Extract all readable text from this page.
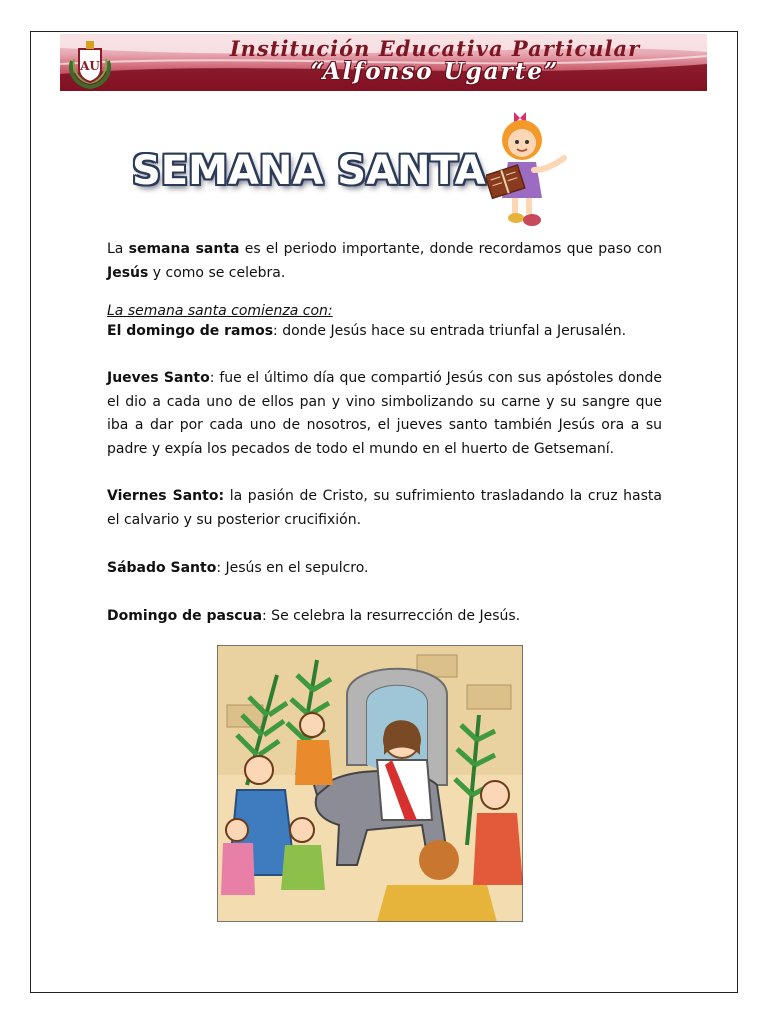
AU
Institución Educativa Particular
“Alfonso Ugarte”
SEMANA SANTA
La semana santa es el periodo importante, donde recordamos que paso con Jesús y como se celebra.
La semana santa comienza con:
El domingo de ramos: donde Jesús hace su entrada triunfal a Jerusalén.
Jueves Santo: fue el último día que compartió Jesús con sus apóstoles donde el dio a cada uno de ellos pan y vino simbolizando su carne y su sangre que iba a dar por cada uno de nosotros, el jueves santo también Jesús ora a su padre y expía los pecados de todo el mundo en el huerto de Getsemaní.
Viernes Santo: la pasión de Cristo, su sufrimiento trasladando la cruz hasta el calvario y su posterior crucifixión.
Sábado Santo: Jesús en el sepulcro.
Domingo de pascua: Se celebra la resurrección de Jesús.
